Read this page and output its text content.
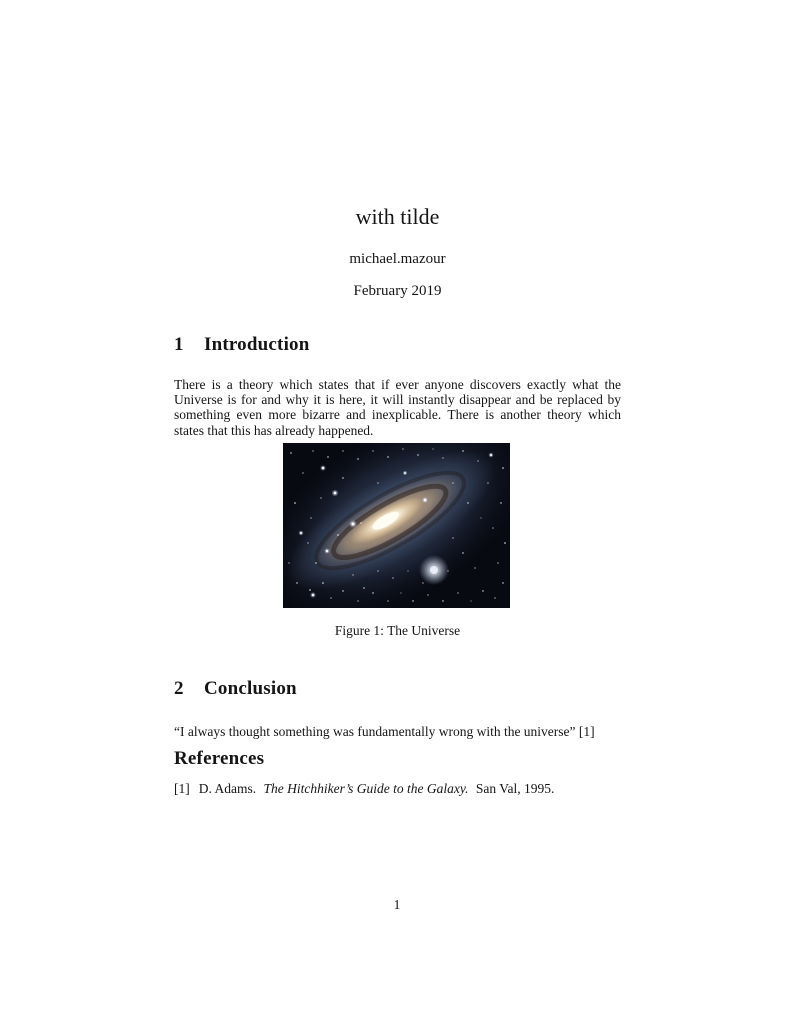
with tilde
michael.mazour
February 2019
1 Introduction

There is a theory which states that if ever anyone discovers exactly what the Universe is for and why it is here, it will instantly disappear and be replaced by something even more bizarre and inexplicable. There is another theory which states that this has already happened.

Figure 1: The Universe
2 Conclusion

“I always thought something was fundamentally wrong with the universe” [1]

References
[1] D. Adams. The Hitchhiker’s Guide to the Galaxy. San Val, 1995.
1
